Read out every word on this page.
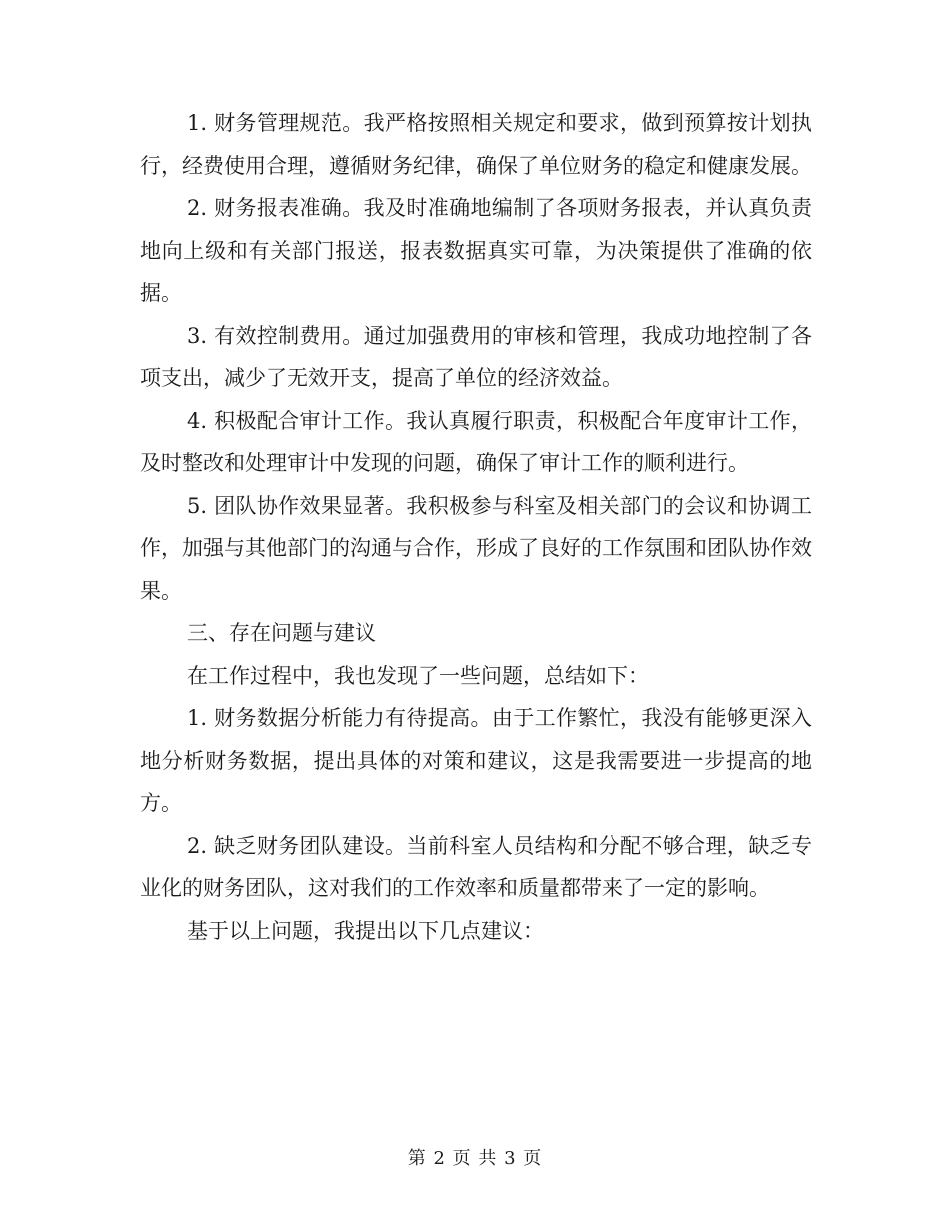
1. 财务管理规范。我严格按照相关规定和要求，做到预算按计划执行，经费使用合理，遵循财务纪律，确保了单位财务的稳定和健康发展。

2. 财务报表准确。我及时准确地编制了各项财务报表，并认真负责地向上级和有关部门报送，报表数据真实可靠，为决策提供了准确的依据。

3. 有效控制费用。通过加强费用的审核和管理，我成功地控制了各项支出，减少了无效开支，提高了单位的经济效益。

4. 积极配合审计工作。我认真履行职责，积极配合年度审计工作，及时整改和处理审计中发现的问题，确保了审计工作的顺利进行。

5. 团队协作效果显著。我积极参与科室及相关部门的会议和协调工作，加强与其他部门的沟通与合作，形成了良好的工作氛围和团队协作效果。

三、存在问题与建议

在工作过程中，我也发现了一些问题，总结如下：

1. 财务数据分析能力有待提高。由于工作繁忙，我没有能够更深入地分析财务数据，提出具体的对策和建议，这是我需要进一步提高的地方。

2. 缺乏财务团队建设。当前科室人员结构和分配不够合理，缺乏专业化的财务团队，这对我们的工作效率和质量都带来了一定的影响。

基于以上问题，我提出以下几点建议：

第 2 页 共 3 页
